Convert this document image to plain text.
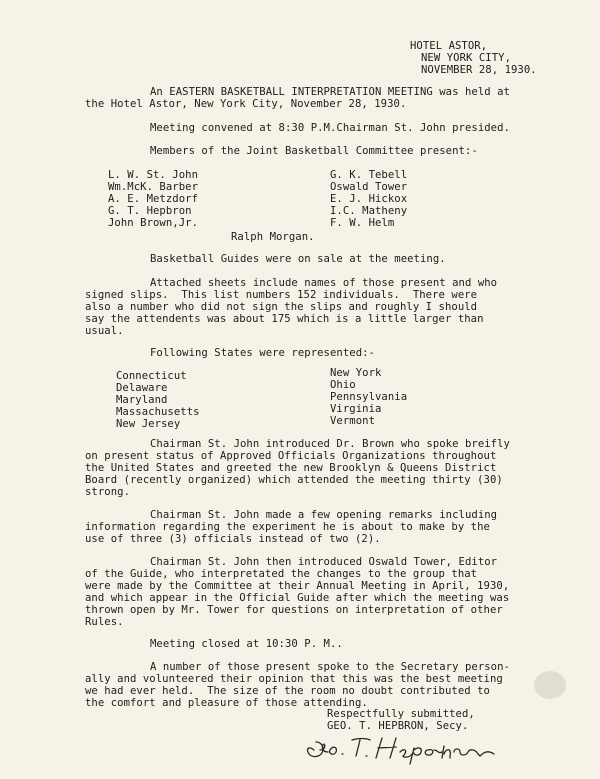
HOTEL ASTOR,
NEW YORK CITY,
NOVEMBER 28, 1930.
An EASTERN BASKETBALL INTERPRETATION MEETING was held at
the Hotel Astor, New York City, November 28, 1930.
Meeting convened at 8:30 P.M.Chairman St. John presided.
Members of the Joint Basketball Committee present:-
L. W. St. John
Wm.McK. Barber
A. E. Metzdorf
G. T. Hepbron
John Brown,Jr.
G. K. Tebell
Oswald Tower
E. J. Hickox
I.C. Matheny
F. W. Helm
Ralph Morgan.
Basketball Guides were on sale at the meeting.
Attached sheets include names of those present and who
signed slips.  This list numbers 152 individuals.  There were
also a number who did not sign the slips and roughly I should
say the attendents was about 175 which is a little larger than
usual.
Following States were represented:-
Connecticut
Delaware
Maryland
Massachusetts
New Jersey
New York
Ohio
Pennsylvania
Virginia
Vermont
Chairman St. John introduced Dr. Brown who spoke breifly
on present status of Approved Officials Organizations throughout
the United States and greeted the new Brooklyn & Queens District
Board (recently organized) which attended the meeting thirty (30)
strong.
Chairman St. John made a few opening remarks including
information regarding the experiment he is about to make by the
use of three (3) officials instead of two (2).
Chairman St. John then introduced Oswald Tower, Editor
of the Guide, who interpretated the changes to the group that
were made by the Committee at their Annual Meeting in April, 1930,
and which appear in the Official Guide after which the meeting was
thrown open by Mr. Tower for questions on interpretation of other
Rules.
Meeting closed at 10:30 P. M..
A number of those present spoke to the Secretary person-
ally and volunteered their opinion that this was the best meeting
we had ever held.  The size of the room no doubt contributed to
the comfort and pleasure of those attending.
Respectfully submitted,
GEO. T. HEPBRON, Secy.
